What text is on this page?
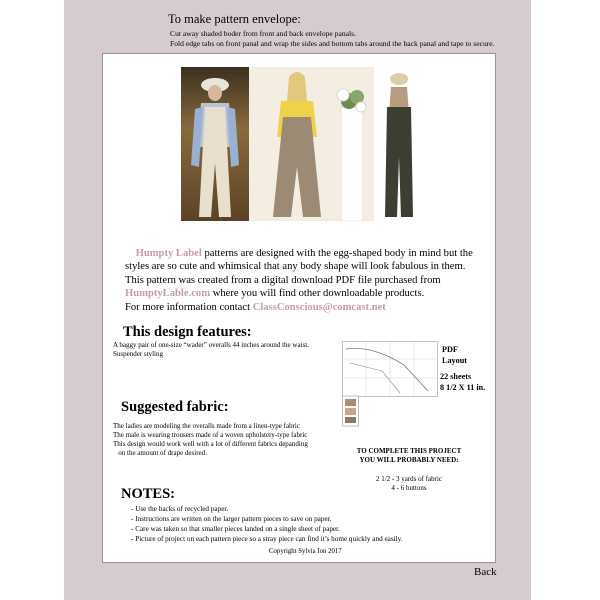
To make pattern envelope:
Cut away shaded boder from front and back envelope panals.
Fold edge tabs on front panal and wrap the sides and bottom tabs around the back panal and tape to secure.
Humpty Label patterns are designed with the egg-shaped body in mind but the styles are so cute and whimsical that any body shape will look fabulous in them. This pattern was created from a digital download PDF file purchased from HumptyLable.com where you will find other downloadable products.
For more information contact ClassConscious@comcast.net
This design features:
A baggy pair of one-size “wader” overalls 44 inches around the waist.
Suspender styling	PDF
Layout
22 sheets
8 1/2 X 11 in.
Suggested fabric:
The ladies are modeling the overalls made from a linen-type fabric
The male is wearing trousers made of a woven upholstery-type fabric
This design would work well with a lot of different fabrics depanding
on the amount of drape desired.	TO COMPLETE THIS PROJECT
YOU WILL PROBABLY NEED:
2 1/2 - 3 yards of fabric
4 - 6 buttons
NOTES:
- Use the backs of recycled paper.
- Instructions are written on the larger pattern pieces to save on paper.
- Care was taken so that smaller pieces landed on a single sheet of paper.
- Picture of project on each pattern piece so a stray piece can find it’s home quickly and easily.
Copyright Sylvia Ion 2017
Back
